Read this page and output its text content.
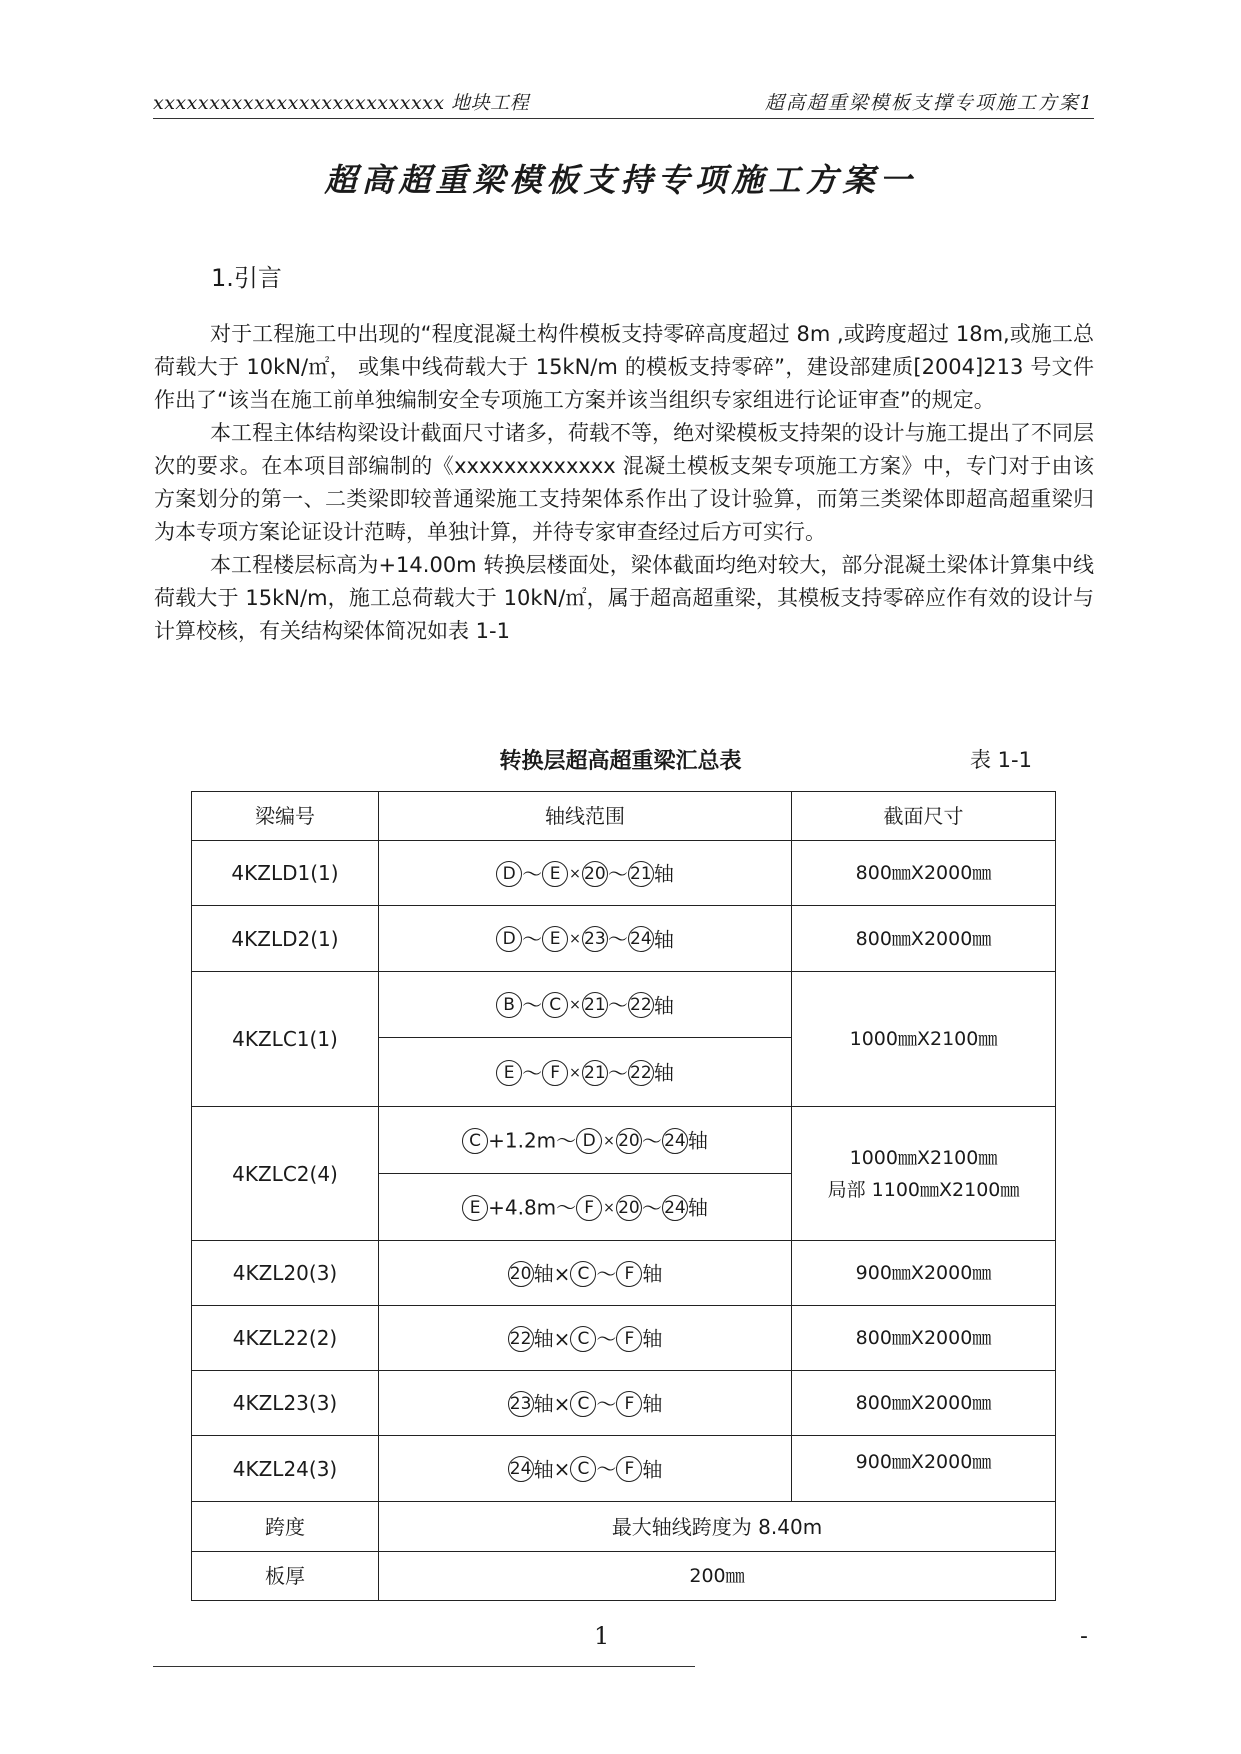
xxxxxxxxxxxxxxxxxxxxxxxxxx 地块工程	超高超重梁模板支撑专项施工方案1
超高超重梁模板支持专项施工方案一
1.引言

对于工程施工中出现的“程度混凝土构件模板支持零碎高度超过 8m ,或跨度超过 18m,或施工总荷载大于 10kN/㎡， 或集中线荷载大于 15kN/m 的模板支持零碎”，建设部建质[2004]213 号文件作出了“该当在施工前单独编制安全专项施工方案并该当组织专家组进行论证审查”的规定。

本工程主体结构梁设计截面尺寸诸多，荷载不等，绝对梁模板支持架的设计与施工提出了不同层次的要求。在本项目部编制的《xxxxxxxxxxxxx 混凝土模板支架专项施工方案》中，专门对于由该方案划分的第一、二类梁即较普通梁施工支持架体系作出了设计验算，而第三类梁体即超高超重梁归为本专项方案论证设计范畴，单独计算，并待专家审查经过后方可实行。

本工程楼层标高为+14.00m 转换层楼面处，梁体截面均绝对较大，部分混凝土梁体计算集中线荷载大于 15kN/m，施工总荷载大于 10kN/㎡，属于超高超重梁，其模板支持零碎应作有效的设计与计算校核，有关结构梁体简况如表 1-1

转换层超高超重梁汇总表	表 1-1
梁编号	轴线范围	截面尺寸
4KZLD1(1)	D ～ E × 20 ～ 21 轴	800㎜X2000㎜
4KZLD2(1)	D ～ E × 23 ～ 24 轴	800㎜X2000㎜
4KZLC1(1)	B ～ C × 21 ～ 22 轴	1000㎜X2100㎜
	E ～ F × 21 ～ 22 轴	
4KZLC2(4)	C +1.2m～ D × 20 ～ 24 轴	1000㎜X2100㎜
局部 1100㎜X2100㎜

	E +4.8m～ F × 20 ～ 24 轴	
4KZL20(3)	20 轴× C ～ F 轴	900㎜X2000㎜
4KZL22(2)	22 轴× C ～ F 轴	800㎜X2000㎜
4KZL23(3)	23 轴× C ～ F 轴	800㎜X2000㎜
4KZL24(3)	24 轴× C ～ F 轴	900㎜X2000㎜
跨度	最大轴线跨度为 8.40m	
板厚	200㎜	
1	-
